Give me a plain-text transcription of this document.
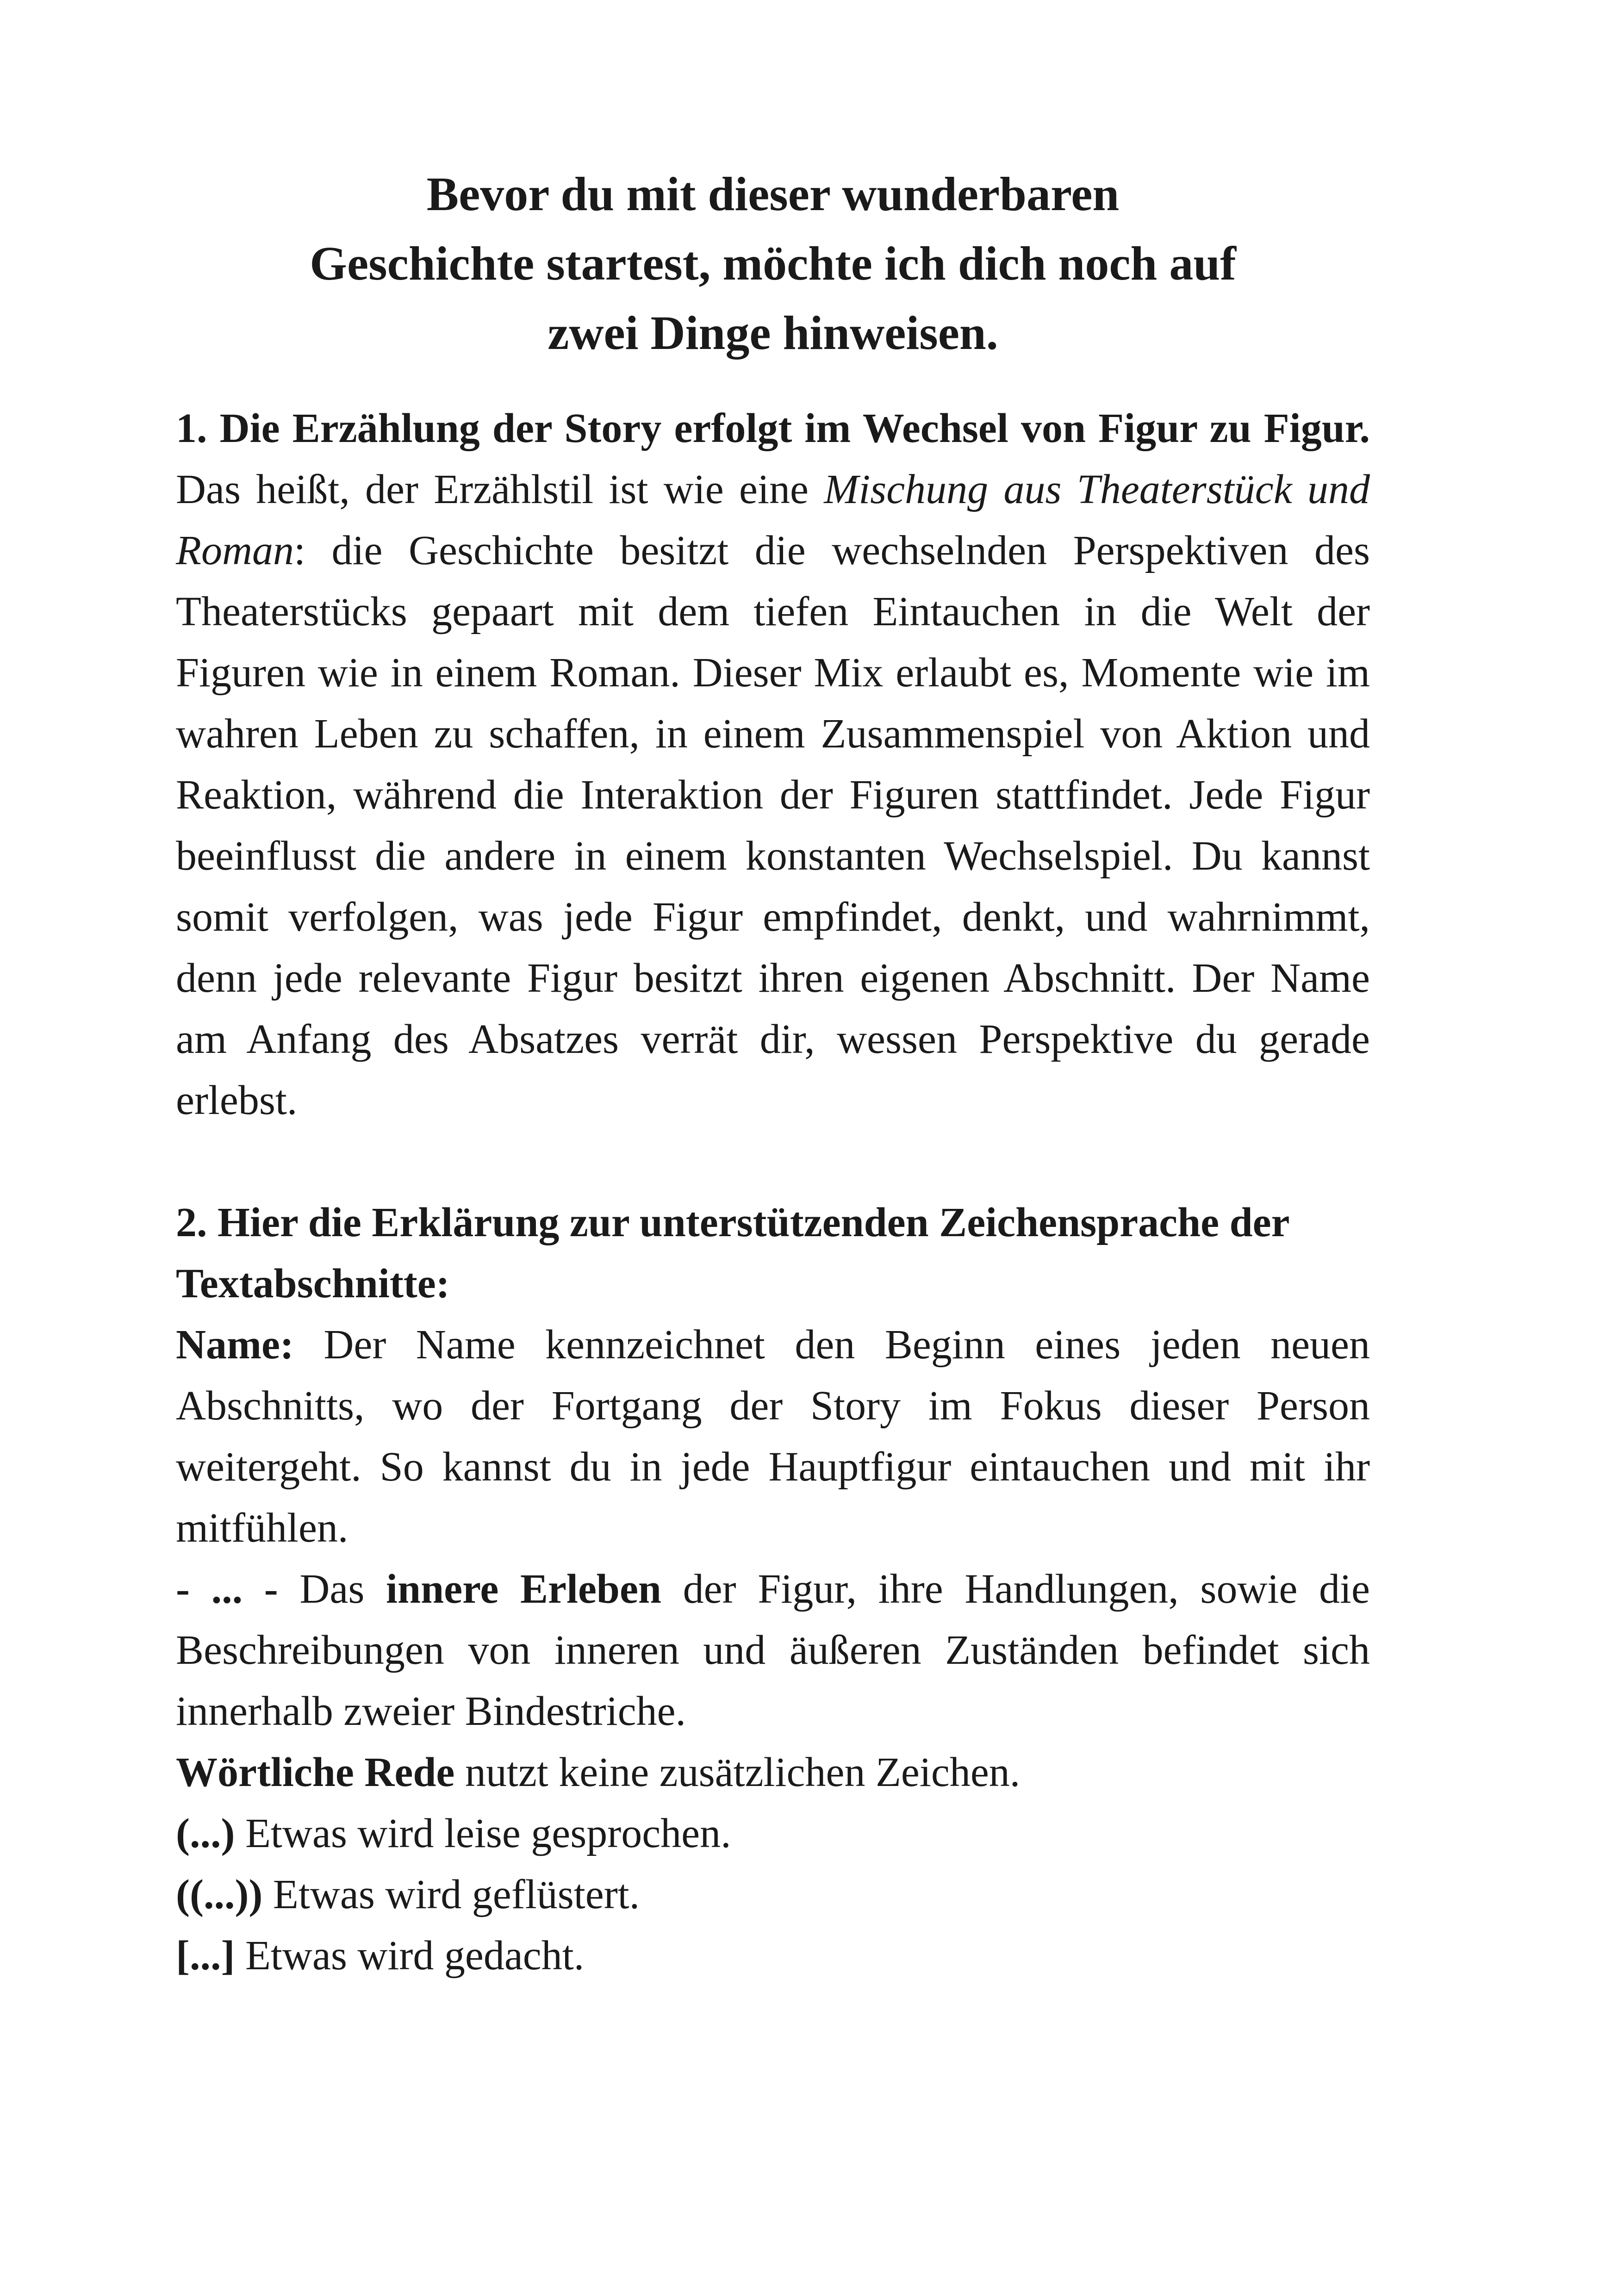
Bevor du mit dieser wunderbaren
Geschichte startest, möchte ich dich noch auf
zwei Dinge hinweisen.

1. Die Erzählung der Story erfolgt im Wechsel von Figur zu Figur. Das heißt, der Erzählstil ist wie eine Mischung aus Theaterstück und Roman: die Geschichte besitzt die wechselnden Perspektiven des Theaterstücks gepaart mit dem tiefen Eintauchen in die Welt der Figuren wie in einem Roman. Dieser Mix erlaubt es, Momente wie im wahren Leben zu schaffen, in einem Zusammenspiel von Aktion und Reaktion, während die Interaktion der Figuren stattfindet. Jede Figur beeinflusst die andere in einem konstanten Wechselspiel. Du kannst somit verfolgen, was jede Figur empfindet, denkt, und wahrnimmt, denn jede relevante Figur besitzt ihren eigenen Abschnitt. Der Name am Anfang des Absatzes verrät dir, wessen Perspektive du gerade erlebst.

2. Hier die Erklärung zur unterstützenden Zeichensprache der Textabschnitte:

Name: Der Name kennzeichnet den Beginn eines jeden neuen Abschnitts, wo der Fortgang der Story im Fokus dieser Person weitergeht. So kannst du in jede Hauptfigur eintauchen und mit ihr mitfühlen.

- ... - Das innere Erleben der Figur, ihre Handlungen, sowie die Beschreibungen von inneren und äußeren Zuständen befindet sich innerhalb zweier Bindestriche.

Wörtliche Rede nutzt keine zusätzlichen Zeichen.

(...) Etwas wird leise gesprochen.

((...)) Etwas wird geflüstert.

[...] Etwas wird gedacht.
